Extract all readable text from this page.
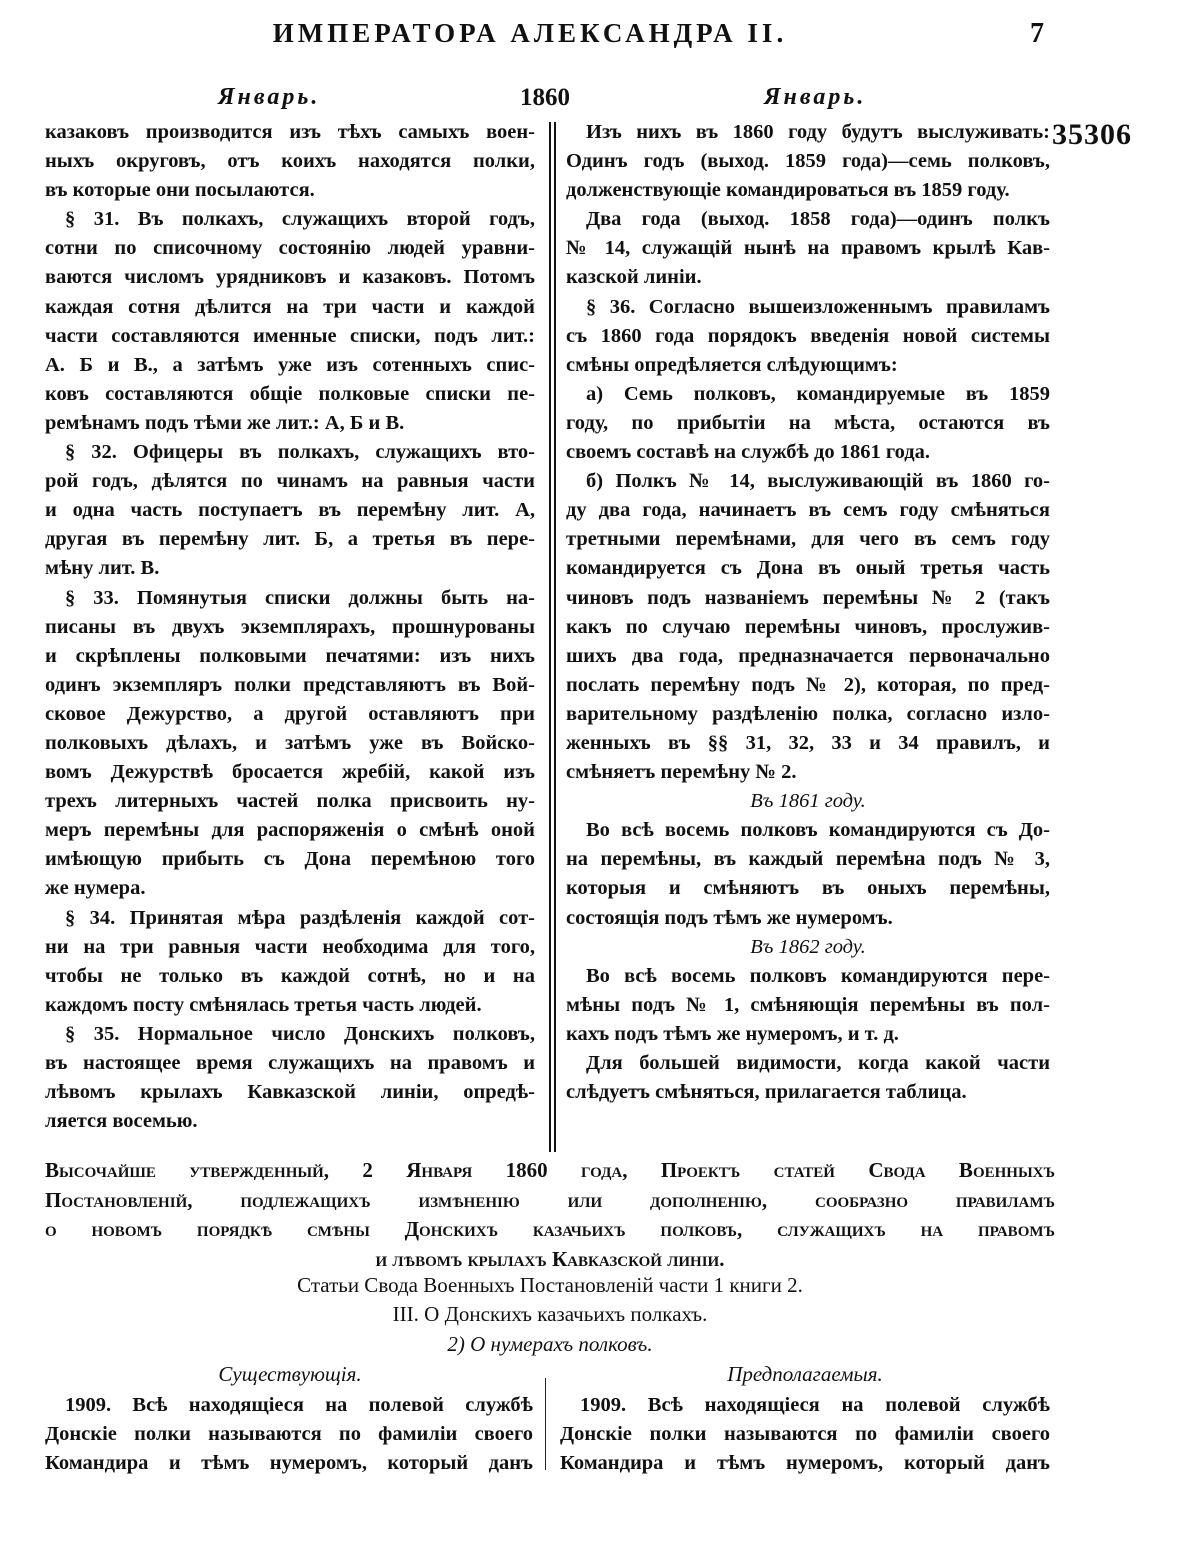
ИМПЕРАТОРА АЛЕКСАНДРА II.	7
Январь.	1860	Январь.
35306
казаковъ производится изъ тѣхъ самыхъ воен-
ныхъ округовъ, отъ коихъ находятся полки,
въ которые они посылаются.
§ 31. Въ полкахъ, служащихъ второй годъ,
сотни по списочному состоянію людей уравни-
ваются числомъ урядниковъ и казаковъ. Потомъ
каждая сотня дѣлится на три части и каждой
части составляются именные списки, подъ лит.:
А. Б и В., а затѣмъ уже изъ сотенныхъ спис-
ковъ составляются общіе полковые списки пе-
ремѣнамъ подъ тѣми же лит.: А, Б и В.
§ 32. Офицеры въ полкахъ, служащихъ вто-
рой годъ, дѣлятся по чинамъ на равныя части
и одна часть поступаетъ въ перемѣну лит. А,
другая въ перемѣну лит. Б, а третья въ пере-
мѣну лит. В.
§ 33. Помянутыя списки должны быть на-
писаны въ двухъ экземплярахъ, прошнурованы
и скрѣплены полковыми печатями: изъ нихъ
одинъ экземпляръ полки представляютъ въ Вой-
сковое Дежурство, а другой оставляютъ при
полковыхъ дѣлахъ, и затѣмъ уже въ Войско-
вомъ Дежурствѣ бросается жребій, какой изъ
трехъ литерныхъ частей полка присвоить ну-
меръ перемѣны для распоряженія о смѣнѣ оной
имѣющую прибыть съ Дона перемѣною того
же нумера.
§ 34. Принятая мѣра раздѣленія каждой сот-
ни на три равныя части необходима для того,
чтобы не только въ каждой сотнѣ, но и на
каждомъ посту смѣнялась третья часть людей.
§ 35. Нормальное число Донскихъ полковъ,
въ настоящее время служащихъ на правомъ и
лѣвомъ крылахъ Кавказской линіи, опредѣ-
ляется восемью.
Изъ нихъ въ 1860 году будутъ выслуживать:
Одинъ годъ (выход. 1859 года)—семь полковъ,
долженствующіе командироваться въ 1859 году.
Два года (выход. 1858 года)—одинъ полкъ
№ 14, служащій нынѣ на правомъ крылѣ Кав-
казской линіи.
§ 36. Согласно вышеизложеннымъ правиламъ
съ 1860 года порядокъ введенія новой системы
смѣны опредѣляется слѣдующимъ:
а) Семь полковъ, командируемые въ 1859
году, по прибытіи на мѣста, остаются въ
своемъ составѣ на службѣ до 1861 года.
б) Полкъ № 14, выслуживающій въ 1860 го-
ду два года, начинаетъ въ семъ году смѣняться
третными перемѣнами, для чего въ семъ году
командируется съ Дона въ оный третья часть
чиновъ подъ названіемъ перемѣны № 2 (такъ
какъ по случаю перемѣны чиновъ, прослужив-
шихъ два года, предназначается первоначально
послать перемѣну подъ № 2), которая, по пред-
варительному раздѣленію полка, согласно изло-
женныхъ въ §§ 31, 32, 33 и 34 правилъ, и
смѣняетъ перемѣну № 2.
Въ 1861 году.
Во всѣ восемь полковъ командируются съ До-
на перемѣны, въ каждый перемѣна подъ № 3,
которыя и смѣняютъ въ оныхъ перемѣны,
состоящія подъ тѣмъ же нумеромъ.
Въ 1862 году.
Во всѣ восемь полковъ командируются пере-
мѣны подъ № 1, смѣняющія перемѣны въ пол-
кахъ подъ тѣмъ же нумеромъ, и т. д.
Для большей видимости, когда какой части
слѣдуетъ смѣняться, прилагается таблица.
Высочайше утвержденный, 2 Января 1860 года, Проектъ статей Свода Военныхъ
Постановленій, подлежащихъ измѣненію или дополненію, сообразно правиламъ
о новомъ порядкѣ смѣны Донскихъ казачьихъ полковъ, служащихъ на правомъ
и лѣвомъ крылахъ Кавказской линіи.
Статьи Свода Военныхъ Постановленій части 1 книги 2.
III. О Донскихъ казачьихъ полкахъ.
2) О нумерахъ полковъ.
Существующія.	Предполагаемыя.
1909. Всѣ находящіеся на полевой службѣ
Донскіе полки называются по фамиліи своего
Командира и тѣмъ нумеромъ, который данъ
1909. Всѣ находящіеся на полевой службѣ
Донскіе полки называются по фамиліи своего
Командира и тѣмъ нумеромъ, который данъ
